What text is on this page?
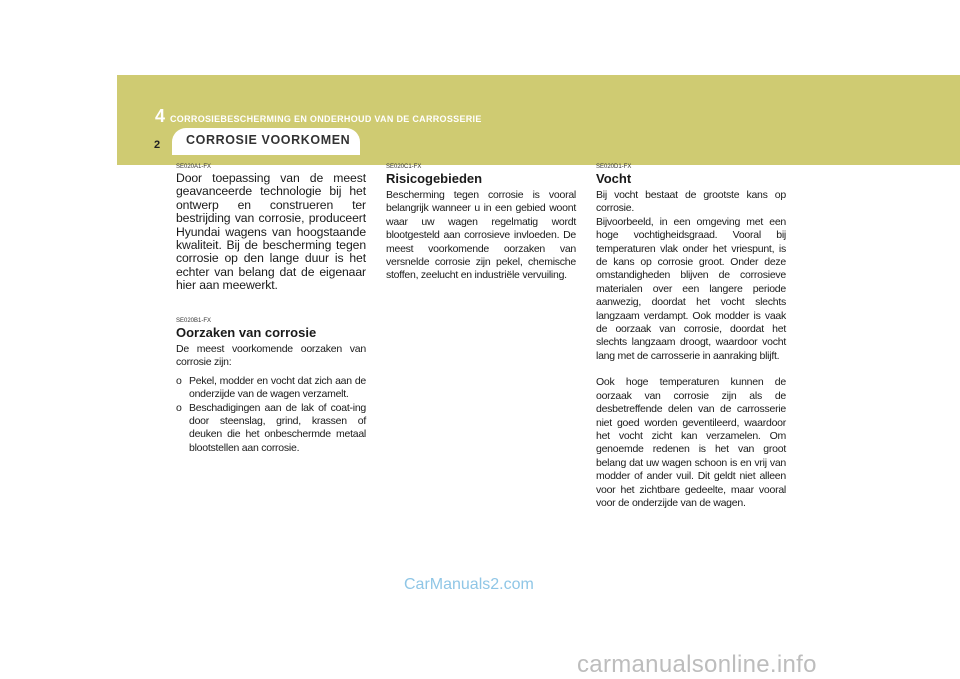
4 CORROSIEBESCHERMING EN ONDERHOUD VAN DE CARROSSERIE
CORROSIE VOORKOMEN
2
SE020A1-FX

Door toepassing van de meest geavanceerde technologie bij het ontwerp en construeren ter bestrijding van corrosie, produceert Hyundai wagens van hoogstaande kwaliteit. Bij de bescherming tegen corrosie op den lange duur is het echter van belang dat de eigenaar hier aan meewerkt.

SE020B1-FX
Oorzaken van corrosie

De meest voorkomende oorzaken van corrosie zijn:

o Pekel, modder en vocht dat zich aan de onderzijde van de wagen verzamelt.
o Beschadigingen aan de lak of coat-ing door steenslag, grind, krassen of deuken die het onbeschermde metaal blootstellen aan corrosie.
SE020C1-FX
Risicogebieden

Bescherming tegen corrosie is vooral belangrijk wanneer u in een gebied woont waar uw wagen regelmatig wordt blootgesteld aan corrosieve invloeden. De meest voorkomende oorzaken van versnelde corrosie zijn pekel, chemische stoffen, zeelucht en industriële vervuiling.

SE020D1-FX
Vocht

Bij vocht bestaat de grootste kans op corrosie.

Bijvoorbeeld, in een omgeving met een hoge vochtigheidsgraad. Vooral bij temperaturen vlak onder het vriespunt, is de kans op corrosie groot. Onder deze omstandigheden blijven de corrosieve materialen over een langere periode aanwezig, doordat het vocht slechts langzaam verdampt. Ook modder is vaak de oorzaak van corrosie, doordat het slechts langzaam droogt, waardoor vocht lang met de carrosserie in aanraking blijft.

Ook hoge temperaturen kunnen de oorzaak van corrosie zijn als de desbetreffende delen van de carrosserie niet goed worden geventileerd, waardoor het vocht zicht kan verzamelen. Om genoemde redenen is het van groot belang dat uw wagen schoon is en vrij van modder of ander vuil. Dit geldt niet alleen voor het zichtbare gedeelte, maar vooral voor de onderzijde van de wagen.

CarManuals2.com
carmanualsonline.info
